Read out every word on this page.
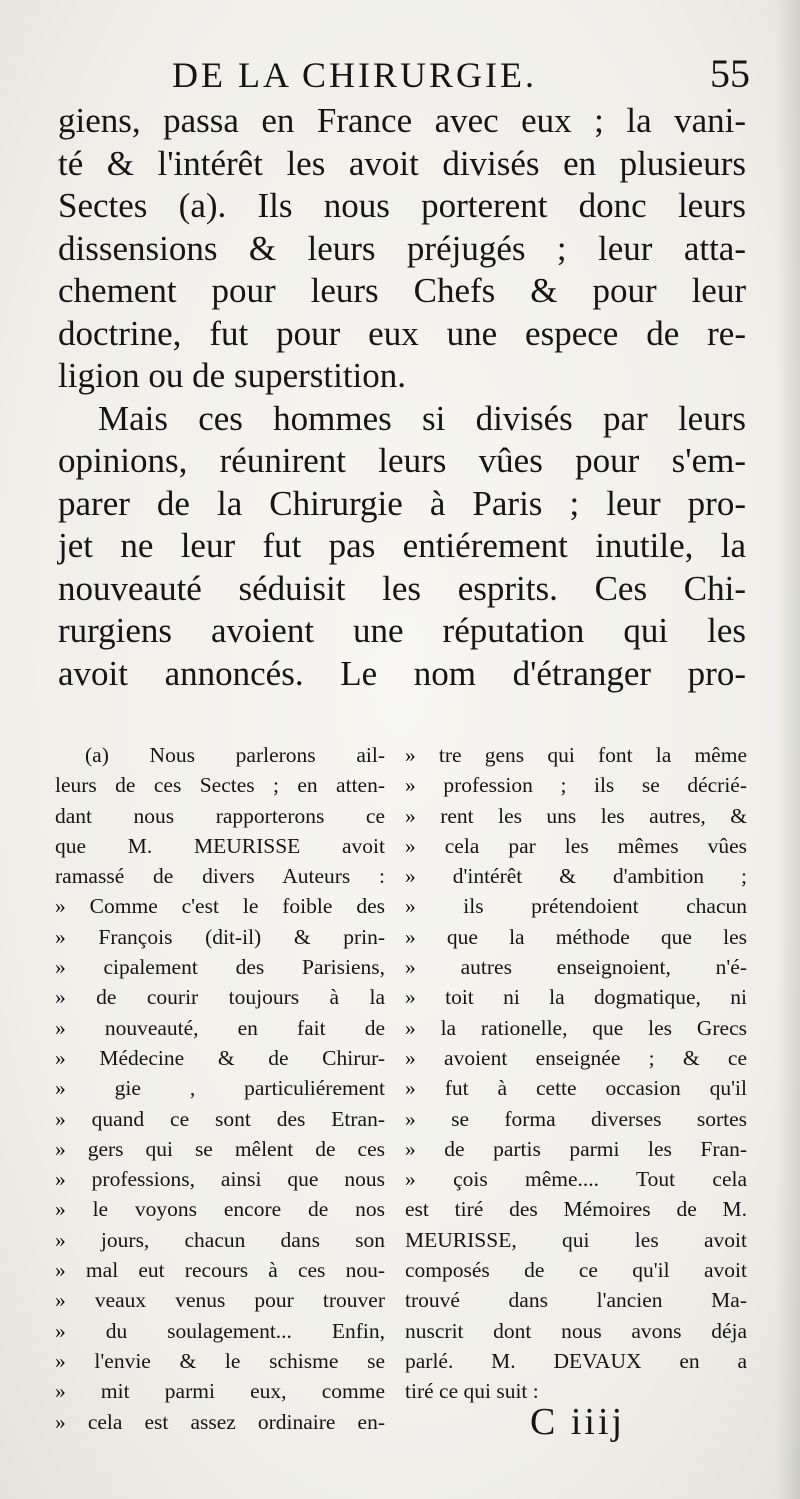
DE LA CHIRURGIE.	55
giens, passa en France avec eux ; la vani-
té & l'intérêt les avoit divisés en plusieurs
Sectes (a). Ils nous porterent donc leurs
dissensions & leurs préjugés ; leur atta-
chement pour leurs Chefs & pour leur
doctrine, fut pour eux une espece de re-
ligion ou de superstition.
Mais ces hommes si divisés par leurs
opinions, réunirent leurs vûes pour s'em-
parer de la Chirurgie à Paris ; leur pro-
jet ne leur fut pas entiérement inutile, la
nouveauté séduisit les esprits. Ces Chi-
rurgiens avoient une réputation qui les
avoit annoncés. Le nom d'étranger pro-
(a) Nous parlerons ail-
leurs de ces Sectes ; en atten-
dant nous rapporterons ce
que M. MEURISSE avoit
ramassé de divers Auteurs :
» Comme c'est le foible des
» François (dit-il) & prin-
» cipalement des Parisiens,
» de courir toujours à la
» nouveauté, en fait de
» Médecine & de Chirur-
» gie , particuliérement
» quand ce sont des Etran-
» gers qui se mêlent de ces
» professions, ainsi que nous
» le voyons encore de nos
» jours, chacun dans son
» mal eut recours à ces nou-
» veaux venus pour trouver
» du soulagement... Enfin,
» l'envie & le schisme se
» mit parmi eux, comme
» cela est assez ordinaire en-
» tre gens qui font la même
» profession ; ils se décrié-
» rent les uns les autres, &
» cela par les mêmes vûes
» d'intérêt & d'ambition ;
» ils prétendoient chacun
» que la méthode que les
» autres enseignoient, n'é-
» toit ni la dogmatique, ni
» la rationelle, que les Grecs
» avoient enseignée ; & ce
» fut à cette occasion qu'il
» se forma diverses sortes
» de partis parmi les Fran-
» çois même.... Tout cela
est tiré des Mémoires de M.
MEURISSE, qui les avoit
composés de ce qu'il avoit
trouvé dans l'ancien Ma-
nuscrit dont nous avons déja
parlé. M. DEVAUX en a
tiré ce qui suit :
C iiij
